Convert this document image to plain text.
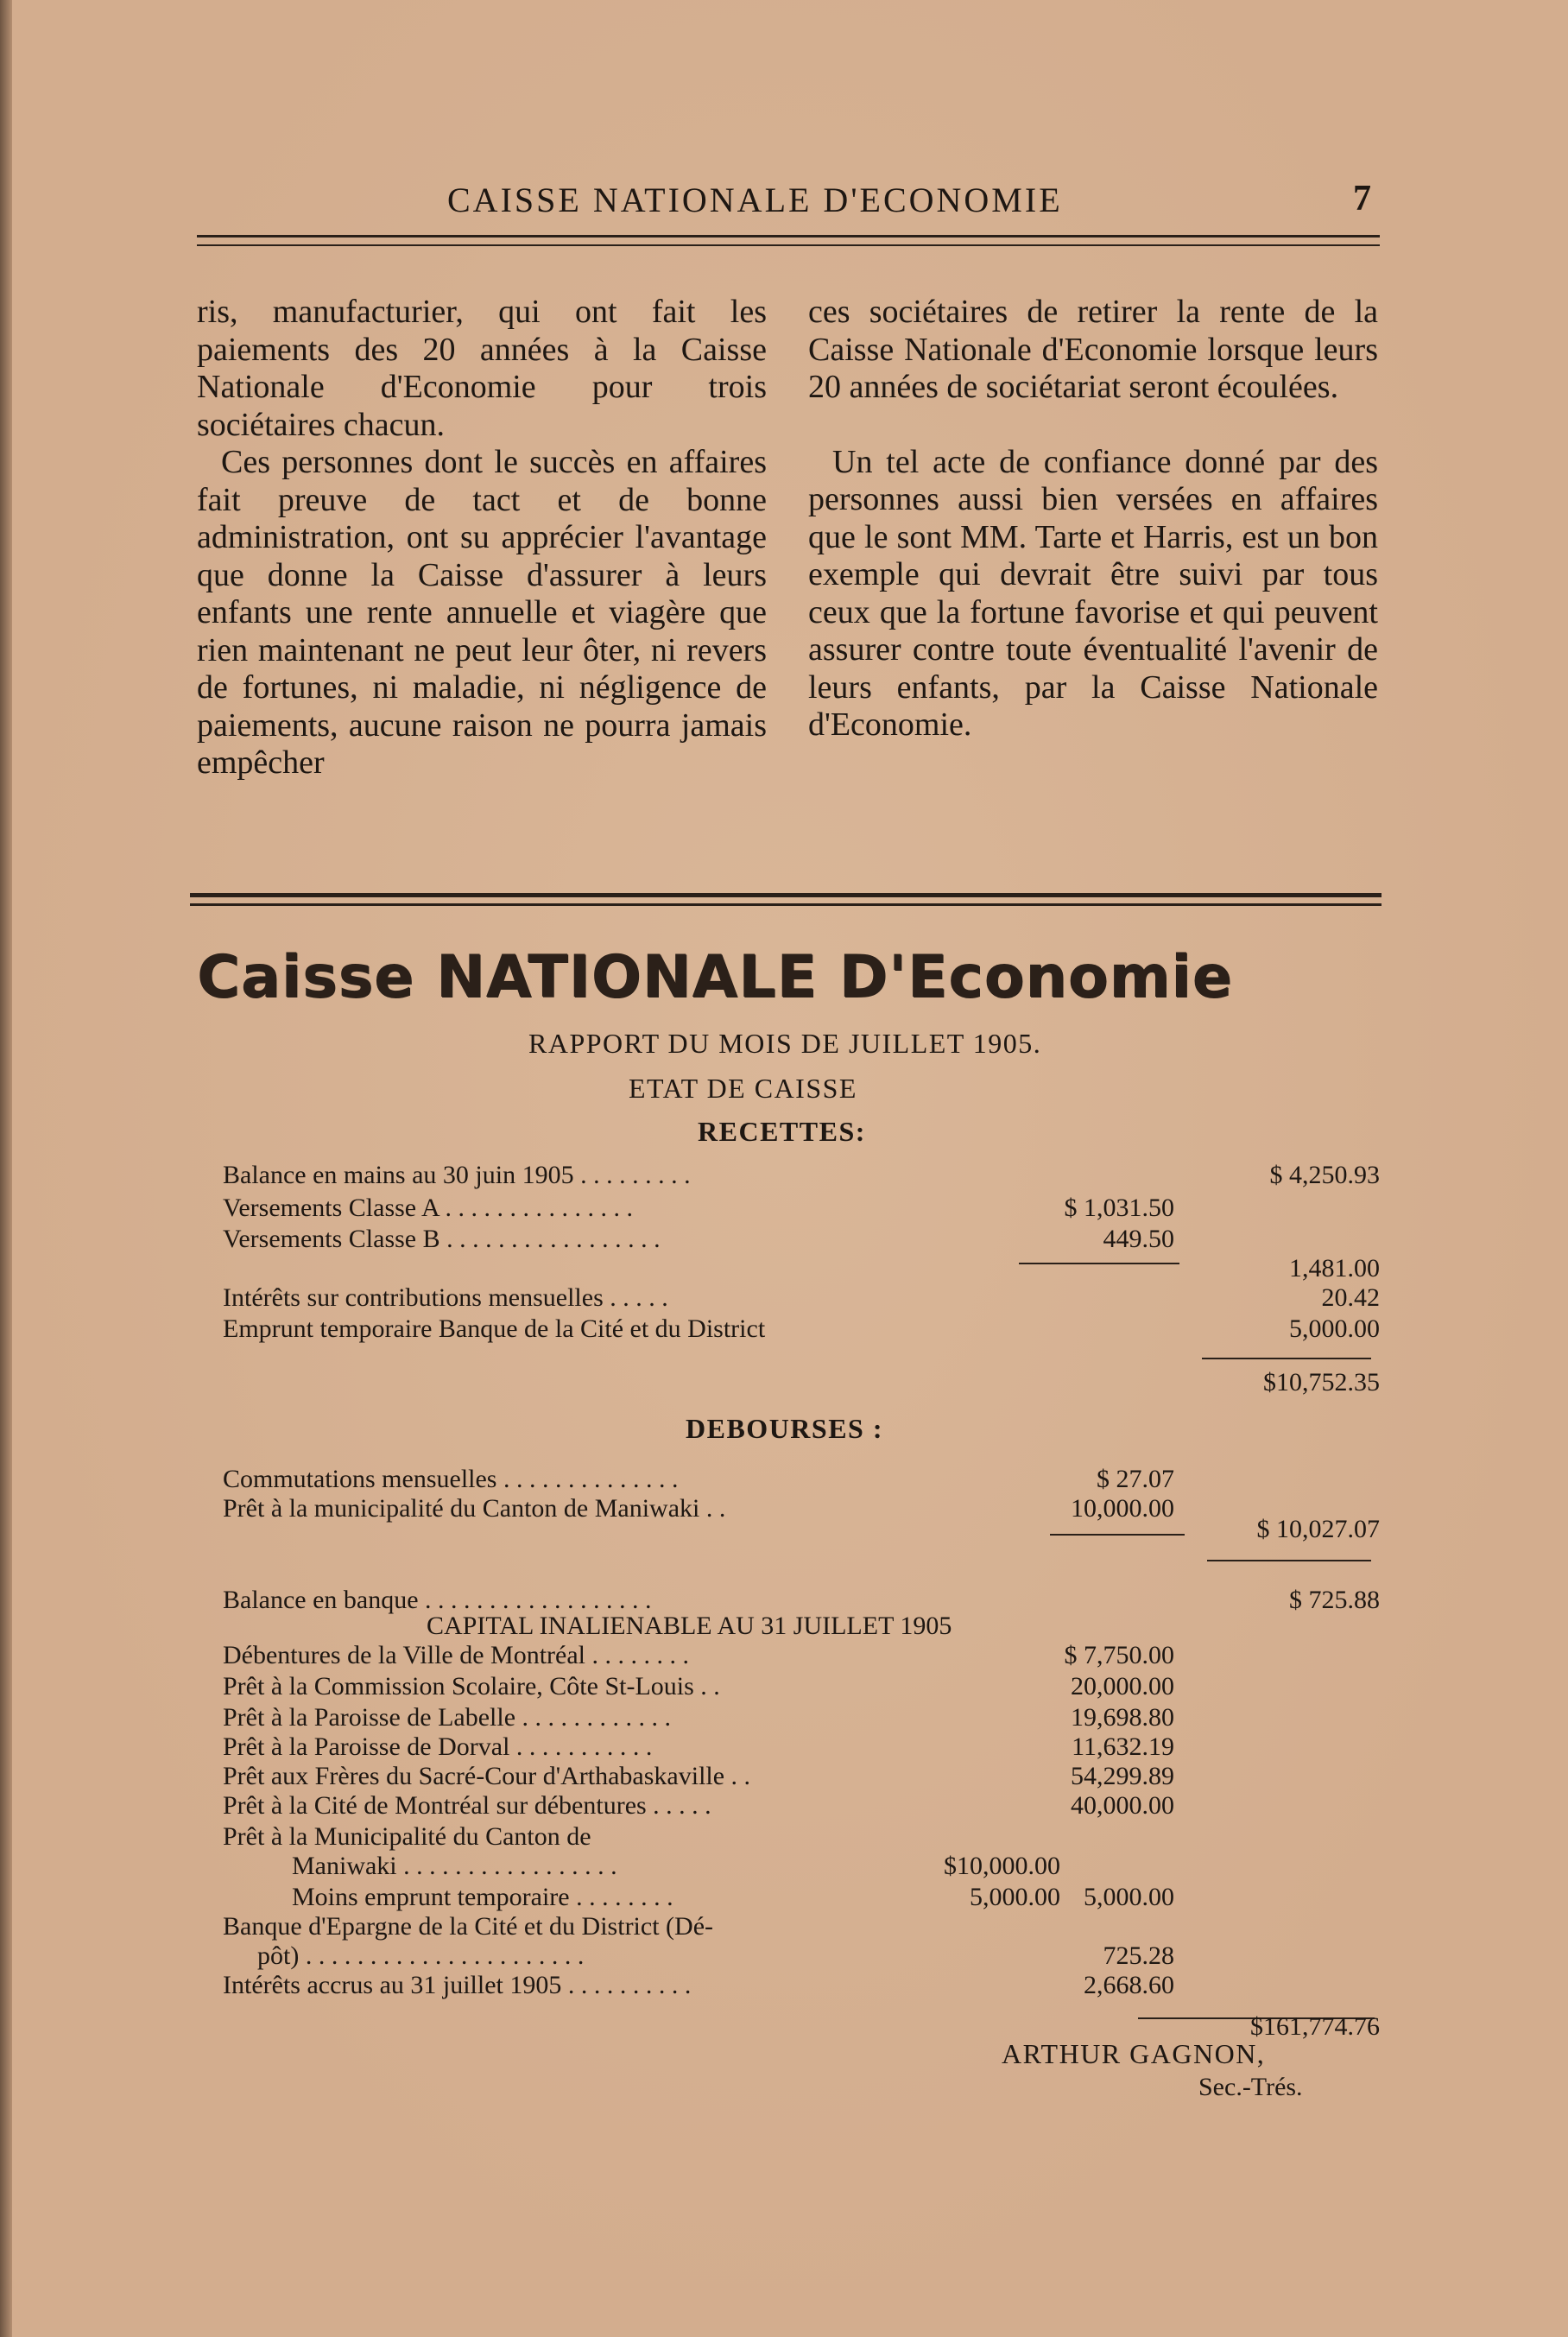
CAISSE NATIONALE D'ECONOMIE	7

ris, manufacturier, qui ont fait les paiements des 20 années à la Caisse Nationale d'Economie pour trois sociétaires chacun.

Ces personnes dont le succès en affaires fait preuve de tact et de bonne administration, ont su apprécier l'avantage que donne la Caisse d'assurer à leurs enfants une rente annuelle et viagère que rien maintenant ne peut leur ôter, ni revers de fortunes, ni maladie, ni négligence de paiements, aucune raison ne pourra jamais empêcher

ces sociétaires de retirer la rente de la Caisse Nationale d'Economie lorsque leurs 20 années de sociétariat seront écoulées.

Un tel acte de confiance donné par des personnes aussi bien versées en affaires que le sont MM. Tarte et Harris, est un bon exemple qui devrait être suivi par tous ceux que la fortune favorise et qui peuvent assurer contre toute éventualité l'avenir de leurs enfants, par la Caisse Nationale d'Economie.

Caisse NATIONALE D'Economie
RAPPORT DU MOIS DE JUILLET 1905.
ETAT DE CAISSE
RECETTES:
Balance en mains au 30 juin 1905 . . . . . . . . .	$ 4,250.93
Versements Classe A . . . . . . . . . . . . . . .	$ 1,031.50
Versements Classe B . . . . . . . . . . . . . . . . .	449.50
1,481.00
Intérêts sur contributions mensuelles . . . . .	20.42
Emprunt temporaire Banque de la Cité et du District	5,000.00
$10,752.35
DEBOURSES :
Commutations mensuelles . . . . . . . . . . . . . .	$ 27.07
Prêt à la municipalité du Canton de Maniwaki . .	10,000.00
$ 10,027.07
Balance en banque . . . . . . . . . . . . . . . . . .	$ 725.88
CAPITAL INALIENABLE AU 31 JUILLET 1905
Débentures de la Ville de Montréal . . . . . . . .	$ 7,750.00
Prêt à la Commission Scolaire, Côte St-Louis . .	20,000.00
Prêt à la Paroisse de Labelle . . . . . . . . . . . .	19,698.80
Prêt à la Paroisse de Dorval . . . . . . . . . . .	11,632.19
Prêt aux Frères du Sacré-Cour d'Arthabaskaville . .	54,299.89
Prêt à la Cité de Montréal sur débentures . . . . .	40,000.00
Prêt à la Municipalité du Canton de
Maniwaki . . . . . . . . . . . . . . . . .	$10,000.00
Moins emprunt temporaire . . . . . . . .	5,000.00 5,000.00
Banque d'Epargne de la Cité et du District (Dé-
pôt) . . . . . . . . . . . . . . . . . . . . . .	725.28
Intérêts accrus au 31 juillet 1905 . . . . . . . . . .	2,668.60
$161,774.76
ARTHUR GAGNON,
Sec.-Trés.
